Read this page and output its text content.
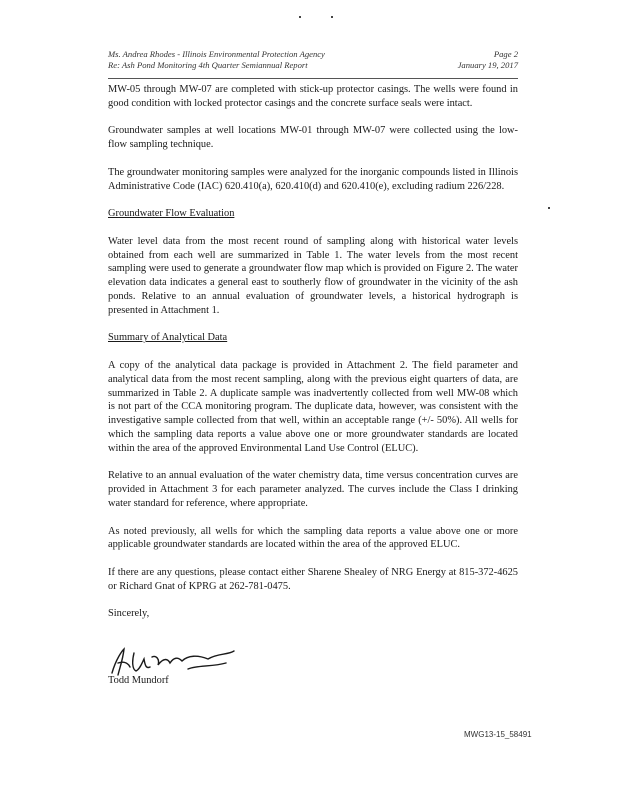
Ms. Andrea Rhodes - Illinois Environmental Protection Agency	Page 2
Re: Ash Pond Monitoring 4th Quarter Semiannual Report	January 19, 2017

MW-05 through MW-07 are completed with stick-up protector casings. The wells were found in good condition with locked protector casings and the concrete surface seals were intact.

Groundwater samples at well locations MW-01 through MW-07 were collected using the low-flow sampling technique.

The groundwater monitoring samples were analyzed for the inorganic compounds listed in Illinois Administrative Code (IAC) 620.410(a), 620.410(d) and 620.410(e), excluding radium 226/228.

Groundwater Flow Evaluation

Water level data from the most recent round of sampling along with historical water levels obtained from each well are summarized in Table 1. The water levels from the most recent sampling were used to generate a groundwater flow map which is provided on Figure 2. The water elevation data indicates a general east to southerly flow of groundwater in the vicinity of the ash ponds. Relative to an annual evaluation of groundwater levels, a historical hydrograph is presented in Attachment 1.

Summary of Analytical Data

A copy of the analytical data package is provided in Attachment 2. The field parameter and analytical data from the most recent sampling, along with the previous eight quarters of data, are summarized in Table 2. A duplicate sample was inadvertently collected from well MW-08 which is not part of the CCA monitoring program. The duplicate data, however, was consistent with the investigative sample collected from that well, within an acceptable range (+/- 50%). All wells for which the sampling data reports a value above one or more groundwater standards are located within the area of the approved Environmental Land Use Control (ELUC).

Relative to an annual evaluation of the water chemistry data, time versus concentration curves are provided in Attachment 3 for each parameter analyzed. The curves include the Class I drinking water standard for reference, where appropriate.

As noted previously, all wells for which the sampling data reports a value above one or more applicable groundwater standards are located within the area of the approved ELUC.

If there are any questions, please contact either Sharene Shealey of NRG Energy at 815-372-4625 or Richard Gnat of KPRG at 262-781-0475.

Sincerely,

Todd Mundorf
MWG13-15_58491
